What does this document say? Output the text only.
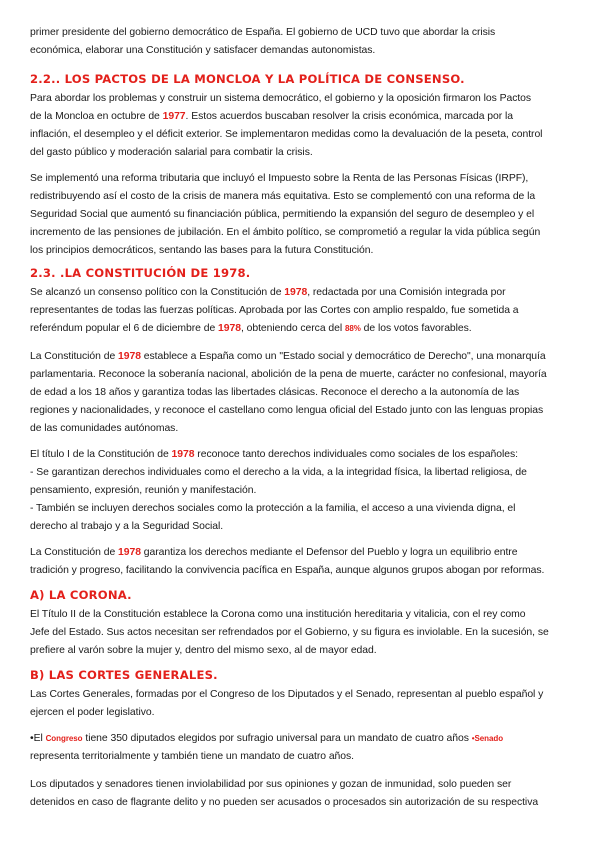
primer presidente del gobierno democrático de España. El gobierno de UCD tuvo que abordar la crisis
económica, elaborar una Constitución y satisfacer demandas autonomistas.
2.2.. LOS PACTOS DE LA MONCLOA Y LA POLÍTICA DE CONSENSO.
Para abordar los problemas y construir un sistema democrático, el gobierno y la oposición firmaron los Pactos
de la Moncloa en octubre de 1977. Estos acuerdos buscaban resolver la crisis económica, marcada por la
inflación, el desempleo y el déficit exterior. Se implementaron medidas como la devaluación de la peseta, control
del gasto público y moderación salarial para combatir la crisis.
Se implementó una reforma tributaria que incluyó el Impuesto sobre la Renta de las Personas Físicas (IRPF),
redistribuyendo así el costo de la crisis de manera más equitativa. Esto se complementó con una reforma de la
Seguridad Social que aumentó su financiación pública, permitiendo la expansión del seguro de desempleo y el
incremento de las pensiones de jubilación. En el ámbito político, se comprometió a regular la vida pública según
los principios democráticos, sentando las bases para la futura Constitución.
2.3. .LA CONSTITUCIÓN DE 1978.
Se alcanzó un consenso político con la Constitución de 1978, redactada por una Comisión integrada por
representantes de todas las fuerzas políticas. Aprobada por las Cortes con amplio respaldo, fue sometida a
referéndum popular el 6 de diciembre de 1978, obteniendo cerca del 88% de los votos favorables.
La Constitución de 1978 establece a España como un "Estado social y democrático de Derecho", una monarquía
parlamentaria. Reconoce la soberanía nacional, abolición de la pena de muerte, carácter no confesional, mayoría
de edad a los 18 años y garantiza todas las libertades clásicas. Reconoce el derecho a la autonomía de las
regiones y nacionalidades, y reconoce el castellano como lengua oficial del Estado junto con las lenguas propias
de las comunidades autónomas.
El título I de la Constitución de 1978 reconoce tanto derechos individuales como sociales de los españoles:
- Se garantizan derechos individuales como el derecho a la vida, a la integridad física, la libertad religiosa, de
pensamiento, expresión, reunión y manifestación.
- También se incluyen derechos sociales como la protección a la familia, el acceso a una vivienda digna, el
derecho al trabajo y a la Seguridad Social.
La Constitución de 1978 garantiza los derechos mediante el Defensor del Pueblo y logra un equilibrio entre
tradición y progreso, facilitando la convivencia pacífica en España, aunque algunos grupos abogan por reformas.
A) LA CORONA.
El Título II de la Constitución establece la Corona como una institución hereditaria y vitalicia, con el rey como
Jefe del Estado. Sus actos necesitan ser refrendados por el Gobierno, y su figura es inviolable. En la sucesión, se
prefiere al varón sobre la mujer y, dentro del mismo sexo, al de mayor edad.
B) LAS CORTES GENERALES.
Las Cortes Generales, formadas por el Congreso de los Diputados y el Senado, representan al pueblo español y
ejercen el poder legislativo.
•El Congreso tiene 350 diputados elegidos por sufragio universal para un mandato de cuatro años •Senado
representa territorialmente y también tiene un mandato de cuatro años.
Los diputados y senadores tienen inviolabilidad por sus opiniones y gozan de inmunidad, solo pueden ser
detenidos en caso de flagrante delito y no pueden ser acusados o procesados sin autorización de su respectiva
